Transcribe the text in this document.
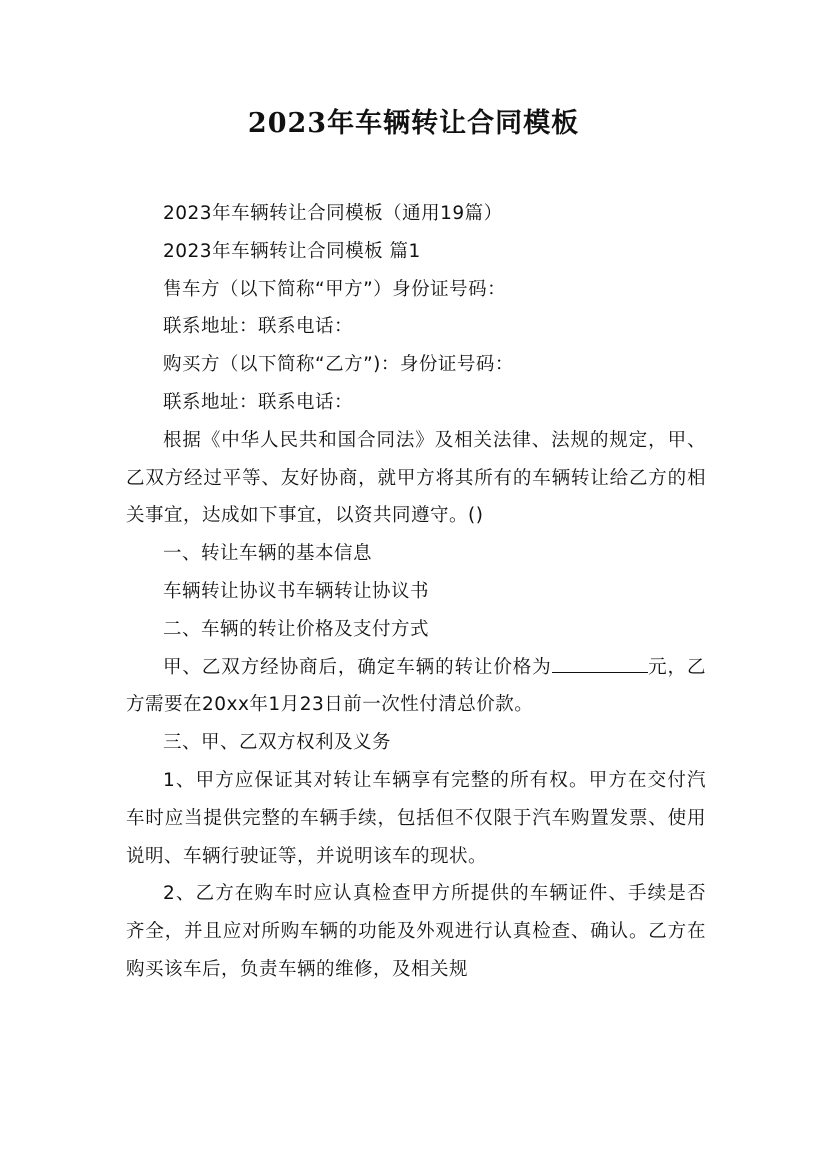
2023年车辆转让合同模板

2023年车辆转让合同模板（通用19篇）

2023年车辆转让合同模板 篇1

售车方（以下简称“甲方”）身份证号码：

联系地址：联系电话：

购买方（以下简称“乙方”)：身份证号码：

联系地址：联系电话：

根据《中华人民共和国合同法》及相关法律、法规的规定，甲、乙双方经过平等、友好协商，就甲方将其所有的车辆转让给乙方的相关事宜，达成如下事宜，以资共同遵守。()

一、转让车辆的基本信息

车辆转让协议书车辆转让协议书

二、车辆的转让价格及支付方式

甲、乙双方经协商后，确定车辆的转让价格为	元，乙方需要在20xx年1月23日前一次性付清总价款。

三、甲、乙双方权利及义务

1、甲方应保证其对转让车辆享有完整的所有权。甲方在交付汽车时应当提供完整的车辆手续，包括但不仅限于汽车购置发票、使用说明、车辆行驶证等，并说明该车的现状。

2、乙方在购车时应认真检查甲方所提供的车辆证件、手续是否齐全，并且应对所购车辆的功能及外观进行认真检查、确认。乙方在购买该车后，负责车辆的维修，及相关规
